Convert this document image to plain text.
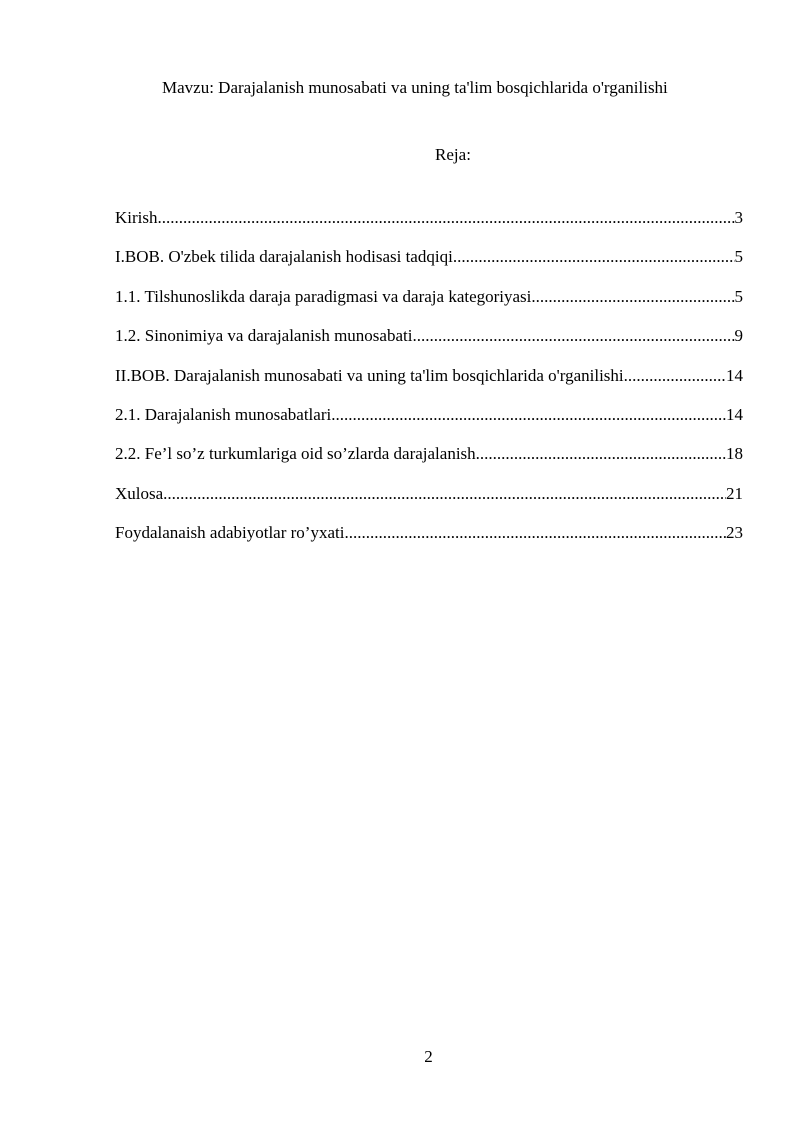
Mavzu: Darajalanish munosabati va uning ta'lim bosqichlarida o'rganilishi
Reja:
Kirish .....	3
I.BOB. O'zbek tilida darajalanish hodisasi tadqiqi .....	5
1.1. Tilshunoslikda daraja paradigmasi va daraja kategoriyasi .....	5
1.2. Sinonimiya va darajalanish munosabati .....	9
II.BOB. Darajalanish munosabati va uning ta'lim bosqichlarida o'rganilishi .....	14
2.1. Darajalanish munosabatlari .....	14
2.2. Fe’l so’z turkumlariga oid so’zlarda darajalanish .....	18
Xulosa .....	21
Foydalanaish adabiyotlar ro’yxati .....	23
2
